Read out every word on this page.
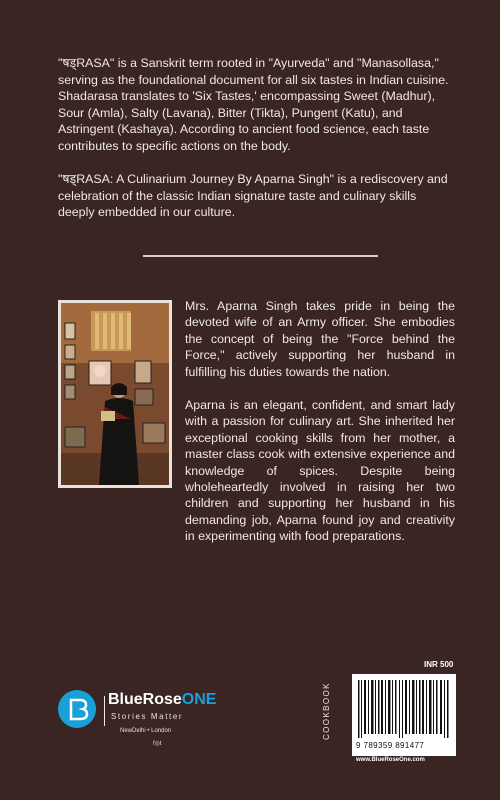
"षड्RASA" is a Sanskrit term rooted in "Ayurveda" and "Manasollasa," serving as the foundational document for all six tastes in Indian cuisine. Shadarasa translates to 'Six Tastes,' encompassing Sweet (Madhur), Sour (Amla), Salty (Lavana), Bitter (Tikta), Pungent (Katu), and Astringent (Kashaya). According to ancient food science, each taste contributes to specific actions on the body.
"षड्RASA: A Culinarium Journey By Aparna Singh" is a rediscovery and celebration of the classic Indian signature taste and culinary skills deeply embedded in our culture.
Mrs. Aparna Singh takes pride in being the devoted wife of an Army officer. She embodies the concept of being the "Force behind the Force," actively supporting her husband in fulfilling his duties towards the nation.
Aparna is an elegant, confident, and smart lady with a passion for culinary art. She inherited her exceptional cooking skills from her mother, a master class cook with extensive experience and knowledge of spices. Despite being wholeheartedly involved in raising her two children and supporting her husband in his demanding job, Aparna found joy and creativity in experimenting with food preparations.
BlueRoseONE
Stories Matter
NewDelhi • London
f◎t
INR 500
COOKBOOK
9 789359 891477
www.BlueRoseOne.com
